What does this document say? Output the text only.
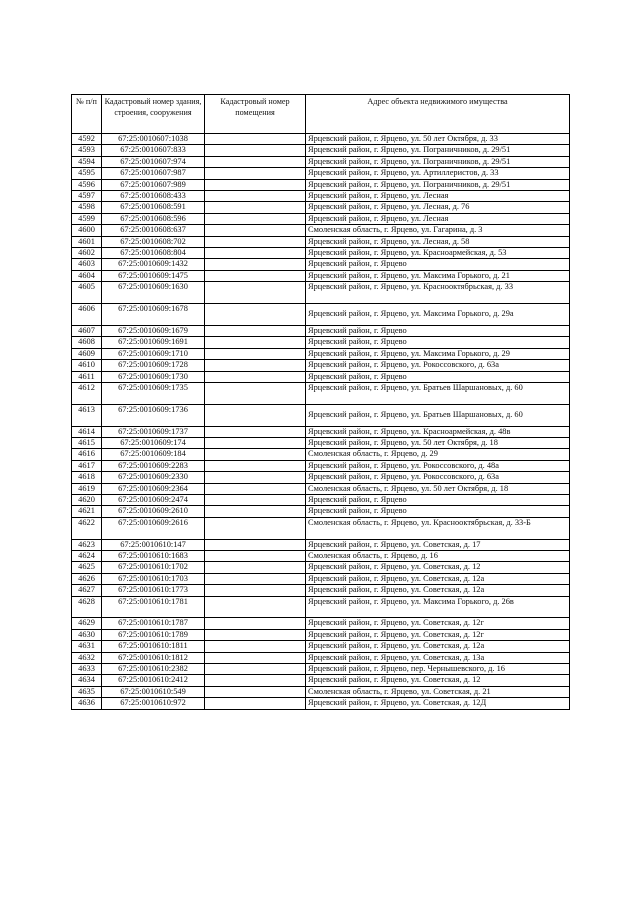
№ п/п	Кадастровый номер здания, строения, сооружения	Кадастровый номер помещения	Адрес объекта недвижимого имущества
4592	67:25:0010607:1038		Ярцевский район, г. Ярцево, ул. 50 лет Октября, д. 33
4593	67:25:0010607:833		Ярцевский район, г. Ярцево, ул. Пограничников, д. 29/51
4594	67:25:0010607:974		Ярцевский район, г. Ярцево, ул. Пограничников, д. 29/51
4595	67:25:0010607:987		Ярцевский район, г. Ярцево, ул. Артиллеристов, д. 33
4596	67:25:0010607:989		Ярцевский район, г. Ярцево, ул. Пограничников, д. 29/51
4597	67:25:0010608:433		Ярцевский район, г. Ярцево, ул. Лесная
4598	67:25:0010608:591		Ярцевский район, г. Ярцево, ул. Лесная, д. 76
4599	67:25:0010608:596		Ярцевский район, г. Ярцево, ул. Лесная
4600	67:25:0010608:637		Смоленская область, г. Ярцево, ул. Гагарина, д. 3
4601	67:25:0010608:702		Ярцевский район, г. Ярцево, ул. Лесная, д. 58
4602	67:25:0010608:804		Ярцевский район, г. Ярцево, ул. Красноармейская, д. 53
4603	67:25:0010609:1432		Ярцевский район, г. Ярцево
4604	67:25:0010609:1475		Ярцевский район, г. Ярцево, ул. Максима Горького, д. 21
4605	67:25:0010609:1630		Ярцевский район, г. Ярцево, ул. Краснооктябрьская, д. 33
4606	67:25:0010609:1678		Ярцевский район, г. Ярцево, ул. Максима Горького, д. 29а
4607	67:25:0010609:1679		Ярцевский район, г. Ярцево
4608	67:25:0010609:1691		Ярцевский район, г. Ярцево
4609	67:25:0010609:1710		Ярцевский район, г. Ярцево, ул. Максима Горького, д. 29
4610	67:25:0010609:1728		Ярцевский район, г. Ярцево, ул. Рокоссовского, д. 63а
4611	67:25:0010609:1730		Ярцевский район, г. Ярцево
4612	67:25:0010609:1735		Ярцевский район, г. Ярцево, ул. Братьев Шаршановых, д. 60
4613	67:25:0010609:1736		Ярцевский район, г. Ярцево, ул. Братьев Шаршановых, д. 60
4614	67:25:0010609:1737		Ярцевский район, г. Ярцево, ул. Красноармейская, д. 48в
4615	67:25:0010609:174		Ярцевский район, г. Ярцево, ул. 50 лет Октября, д. 18
4616	67:25:0010609:184		Смоленская область, г. Ярцево, д. 29
4617	67:25:0010609:2283		Ярцевский район, г. Ярцево, ул. Рокоссовского, д. 48а
4618	67:25:0010609:2330		Ярцевский район, г. Ярцево, ул. Рокоссовского, д. 63а
4619	67:25:0010609:2364		Смоленская область, г. Ярцево, ул. 50 лет Октября, д. 18
4620	67:25:0010609:2474		Ярцевский район, г. Ярцево
4621	67:25:0010609:2610		Ярцевский район, г. Ярцево
4622	67:25:0010609:2616		Смоленская область, г. Ярцево, ул. Краснооктябрьская, д. 33-Б
4623	67:25:0010610:147		Ярцевский район, г. Ярцево, ул. Советская, д. 17
4624	67:25:0010610:1683		Смоленская область, г. Ярцево, д. 16
4625	67:25:0010610:1702		Ярцевский район, г. Ярцево, ул. Советская, д. 12
4626	67:25:0010610:1703		Ярцевский район, г. Ярцево, ул. Советская, д. 12а
4627	67:25:0010610:1773		Ярцевский район, г. Ярцево, ул. Советская, д. 12а
4628	67:25:0010610:1781		Ярцевский район, г. Ярцево, ул. Максима Горького, д. 26в
4629	67:25:0010610:1787		Ярцевский район, г. Ярцево, ул. Советская, д. 12г
4630	67:25:0010610:1789		Ярцевский район, г. Ярцево, ул. Советская, д. 12г
4631	67:25:0010610:1811		Ярцевский район, г. Ярцево, ул. Советская, д. 12а
4632	67:25:0010610:1812		Ярцевский район, г. Ярцево, ул. Советская, д. 13а
4633	67:25:0010610:2382		Ярцевский район, г. Ярцево, пер. Чернышевского, д. 16
4634	67:25:0010610:2412		Ярцевский район, г. Ярцево, ул. Советская, д. 12
4635	67:25:0010610:549		Смоленская область, г. Ярцево, ул. Советская, д. 21
4636	67:25:0010610:972		Ярцевский район, г. Ярцево, ул. Советская, д. 12Д
